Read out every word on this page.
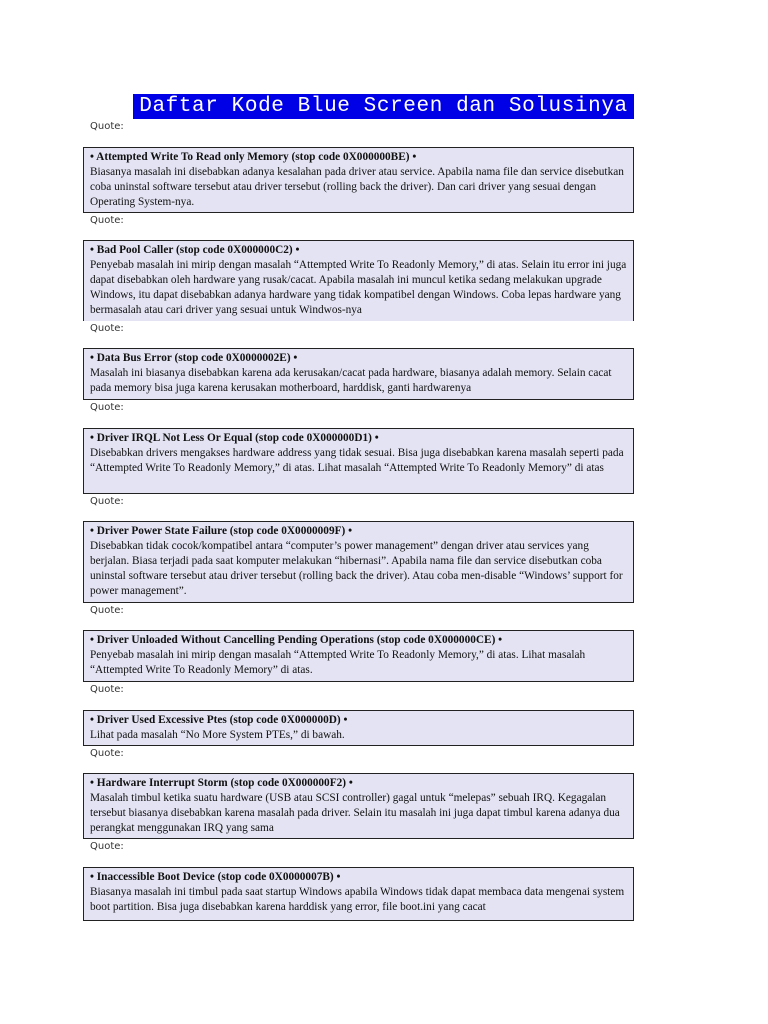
Daftar Kode Blue Screen dan Solusinya
Quote:
• Attempted Write To Read only Memory (stop code 0X000000BE) •
Biasanya masalah ini disebabkan adanya kesalahan pada driver atau service. Apabila nama file dan service disebutkan coba uninstal software tersebut atau driver tersebut (rolling back the driver). Dan cari driver yang sesuai dengan Operating System-nya.
Quote:
• Bad Pool Caller (stop code 0X000000C2) •
Penyebab masalah ini mirip dengan masalah “Attempted Write To Readonly Memory,” di atas. Selain itu error ini juga dapat disebabkan oleh hardware yang rusak/cacat. Apabila masalah ini muncul ketika sedang melakukan upgrade Windows, itu dapat disebabkan adanya hardware yang tidak kompatibel dengan Windows. Coba lepas hardware yang bermasalah atau cari driver yang sesuai untuk Windwos-nya
Quote:
• Data Bus Error (stop code 0X0000002E) •
Masalah ini biasanya disebabkan karena ada kerusakan/cacat pada hardware, biasanya adalah memory. Selain cacat pada memory bisa juga karena kerusakan motherboard, harddisk, ganti hardwarenya
Quote:
• Driver IRQL Not Less Or Equal (stop code 0X000000D1) •
Disebabkan drivers mengakses hardware address yang tidak sesuai. Bisa juga disebabkan karena masalah seperti pada “Attempted Write To Readonly Memory,” di atas. Lihat masalah “Attempted Write To Readonly Memory” di atas
Quote:
• Driver Power State Failure (stop code 0X0000009F) •
Disebabkan tidak cocok/kompatibel antara “computer’s power management” dengan driver atau services yang berjalan. Biasa terjadi pada saat komputer melakukan “hibernasi”. Apabila nama file dan service disebutkan coba uninstal software tersebut atau driver tersebut (rolling back the driver). Atau coba men-disable “Windows’ support for power management”.
Quote:
• Driver Unloaded Without Cancelling Pending Operations (stop code 0X000000CE) •
Penyebab masalah ini mirip dengan masalah “Attempted Write To Readonly Memory,” di atas. Lihat masalah “Attempted Write To Readonly Memory” di atas.
Quote:
• Driver Used Excessive Ptes (stop code 0X000000D) •
Lihat pada masalah “No More System PTEs,” di bawah.
Quote:
• Hardware Interrupt Storm (stop code 0X000000F2) •
Masalah timbul ketika suatu hardware (USB atau SCSI controller) gagal untuk “melepas” sebuah IRQ. Kegagalan tersebut biasanya disebabkan karena masalah pada driver. Selain itu masalah ini juga dapat timbul karena adanya dua perangkat menggunakan IRQ yang sama
Quote:
• Inaccessible Boot Device (stop code 0X0000007B) •
Biasanya masalah ini timbul pada saat startup Windows apabila Windows tidak dapat membaca data mengenai system boot partition. Bisa juga disebabkan karena harddisk yang error, file boot.ini yang cacat
